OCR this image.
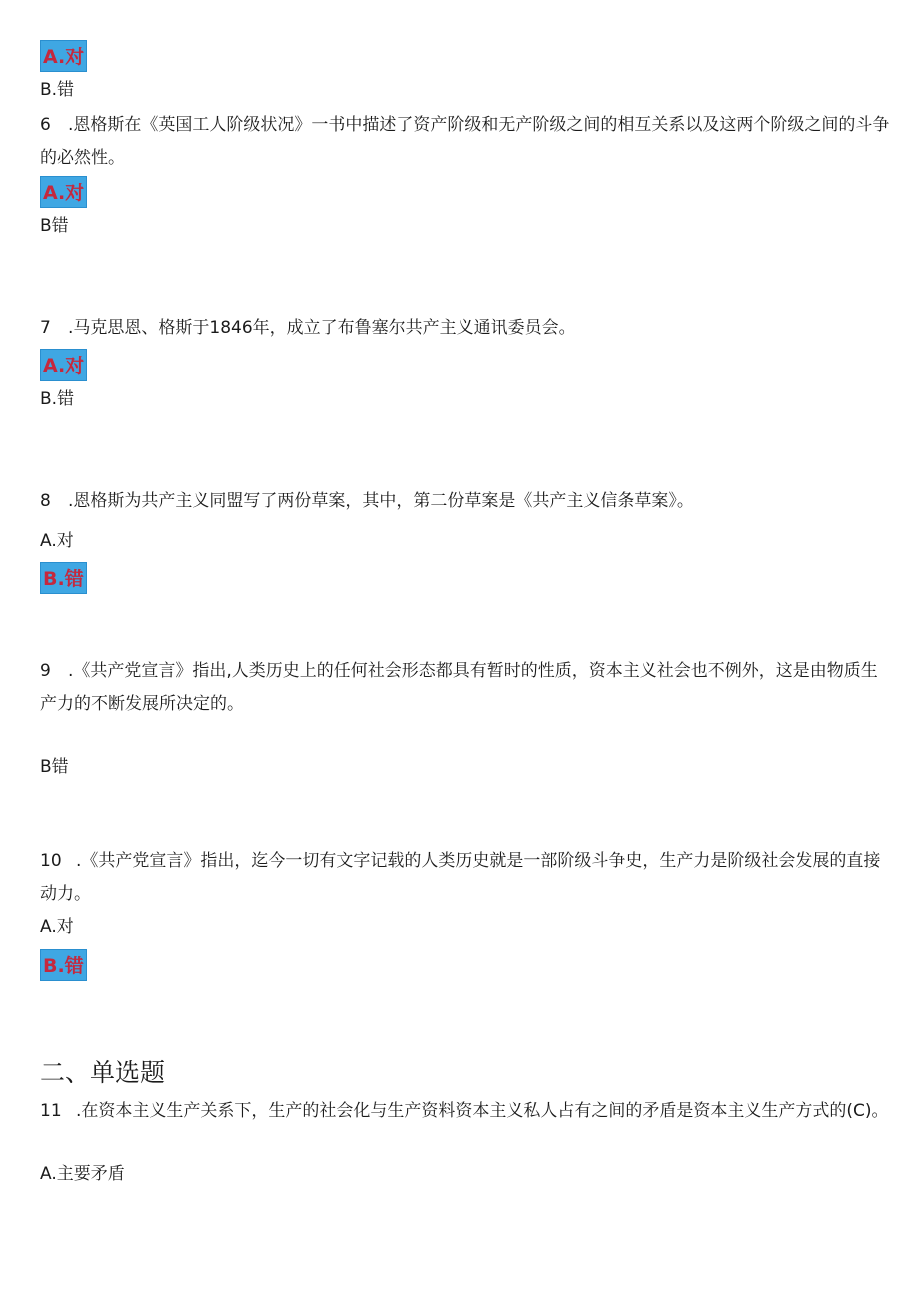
A.对
B.错
6 .恩格斯在《英国工人阶级状况》一书中描述了资产阶级和无产阶级之间的相互关系以及这两个阶级之间的斗争的必然性。
A.对
B错
7 .马克思恩、格斯于1846年，成立了布鲁塞尔共产主义通讯委员会。
A.对
B.错
8 .恩格斯为共产主义同盟写了两份草案，其中，第二份草案是《共产主义信条草案》。
A.对
B.错
9 .《共产党宣言》指出,人类历史上的任何社会形态都具有暂时的性质，资本主义社会也不例外，这是由物质生产力的不断发展所决定的。
B错
10 .《共产党宣言》指出，迄今一切有文字记载的人类历史就是一部阶级斗争史，生产力是阶级社会发展的直接动力。
A.对
B.错
二、单选题
11 .在资本主义生产关系下，生产的社会化与生产资料资本主义私人占有之间的矛盾是资本主义生产方式的(C)。
A.主要矛盾
